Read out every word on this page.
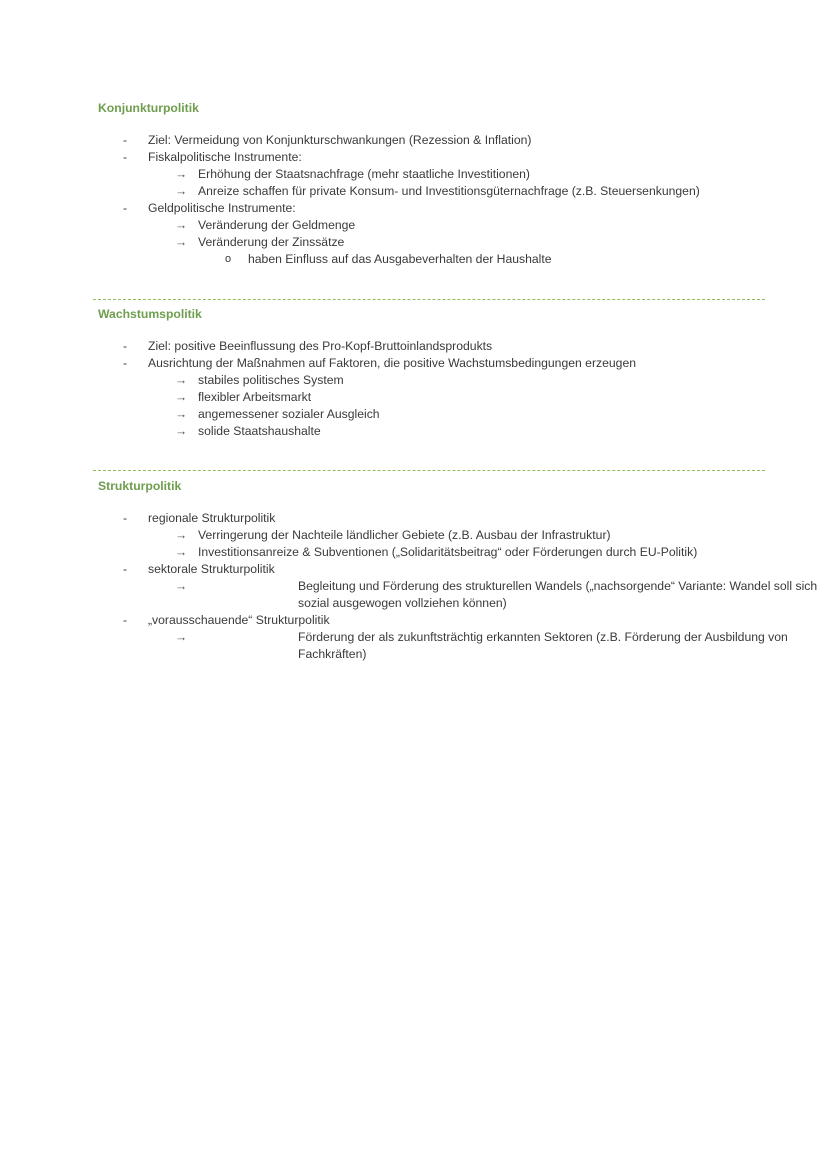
Konjunkturpolitik
-	Ziel: Vermeidung von Konjunkturschwankungen (Rezession & Inflation)
-	Fiskalpolitische Instrumente:
→ Erhöhung der Staatsnachfrage (mehr staatliche Investitionen)
→ Anreize schaffen für private Konsum- und Investitionsgüternachfrage (z.B. Steuersenkungen)
-	Geldpolitische Instrumente:
→ Veränderung der Geldmenge
→ Veränderung der Zinssätze
o	haben Einfluss auf das Ausgabeverhalten der Haushalte
Wachstumspolitik
-	Ziel: positive Beeinflussung des Pro-Kopf-Bruttoinlandsprodukts
-	Ausrichtung der Maßnahmen auf Faktoren, die positive Wachstumsbedingungen erzeugen
→ stabiles politisches System
→ flexibler Arbeitsmarkt
→ angemessener sozialer Ausgleich
→ solide Staatshaushalte
Strukturpolitik
-	regionale Strukturpolitik
→ Verringerung der Nachteile ländlicher Gebiete (z.B. Ausbau der Infrastruktur)
→ Investitionsanreize & Subventionen („Solidaritätsbeitrag“ oder Förderungen durch EU-Politik)
-	sektorale Strukturpolitik
→	Begleitung und Förderung des strukturellen Wandels („nachsorgende“ Variante: Wandel soll sich sozial ausgewogen vollziehen können)
-	„vorausschauende“ Strukturpolitik
→	Förderung der als zukunftsträchtig erkannten Sektoren (z.B. Förderung der Ausbildung von Fachkräften)
